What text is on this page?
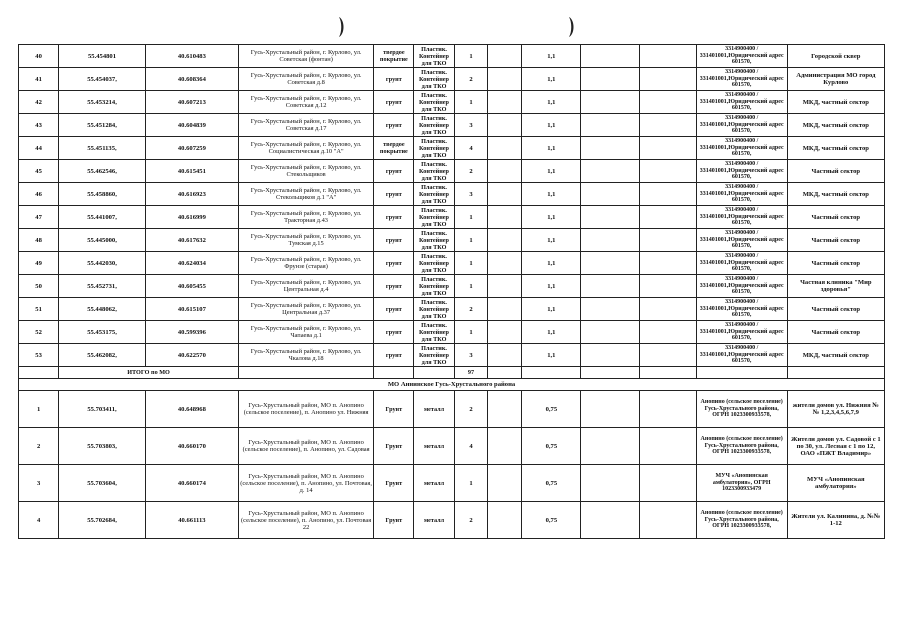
40	55.454801	40.610483	Гусь-Хрустальный район, г. Курлово, ул. Советская (фонтан)	твердое покрытие	Пластик. Контейнер для ТКО	1		1,1			3314900400 / 331401001,Юридический адрес 601570,	Городской сквер
41	55.454037,	40.608364	Гусь-Хрустальный район, г. Курлово, ул. Советская д.8	грунт	Пластик. Контейнер для ТКО	2		1,1			3314900400 / 331401001,Юридический адрес 601570,	Администрация МО город Курлово
42	55.453214,	40.607213	Гусь-Хрустальный район, г. Курлово, ул. Советская д.12	грунт	Пластик. Контейнер для ТКО	1		1,1			3314900400 / 331401001,Юридический адрес 601570,	МКД, частный сектор
43	55.451284,	40.604839	Гусь-Хрустальный район, г. Курлово, ул. Советская д.17	грунт	Пластик. Контейнер для ТКО	3		1,1			3314900400 / 331401001,Юридический адрес 601570,	МКД, частный сектор
44	55.451135,	40.607259	Гусь-Хрустальный район, г. Курлово, ул. Социалистическая д.10 "А"	твердое покрытие	Пластик. Контейнер для ТКО	4		1,1			3314900400 / 331401001,Юридический адрес 601570,	МКД, частный сектор
45	55.462546,	40.615451	Гусь-Хрустальный район, г. Курлово, ул. Стекольщиков	грунт	Пластик. Контейнер для ТКО	2		1,1			3314900400 / 331401001,Юридический адрес 601570,	Частный сектор
46	55.458860,	40.616923	Гусь-Хрустальный район, г. Курлово, ул. Стекольщиков д.1 "А"	грунт	Пластик. Контейнер для ТКО	3		1,1			3314900400 / 331401001,Юридический адрес 601570,	МКД, частный сектор
47	55.441007,	40.616999	Гусь-Хрустальный район, г. Курлово, ул. Тракторная д.43	грунт	Пластик. Контейнер для ТКО	1		1,1			3314900400 / 331401001,Юридический адрес 601570,	Частный сектор
48	55.445000,	40.617632	Гусь-Хрустальный район, г. Курлово, ул. Тумская д.15	грунт	Пластик. Контейнер для ТКО	1		1,1			3314900400 / 331401001,Юридический адрес 601570,	Частный сектор
49	55.442030,	40.624034	Гусь-Хрустальный район, г. Курлово, ул. Фрунзе (старая)	грунт	Пластик. Контейнер для ТКО	1		1,1			3314900400 / 331401001,Юридический адрес 601570,	Частный сектор
50	55.452731,	40.605455	Гусь-Хрустальный район, г. Курлово, ул. Центральная д.4	грунт	Пластик. Контейнер для ТКО	1		1,1			3314900400 / 331401001,Юридический адрес 601570,	Частная клиника "Мир здоровья"
51	55.448062,	40.615107	Гусь-Хрустальный район, г. Курлово, ул. Центральная д.37	грунт	Пластик. Контейнер для ТКО	2		1,1			3314900400 / 331401001,Юридический адрес 601570,	Частный сектор
52	55.453175,	40.599396	Гусь-Хрустальный район, г. Курлово, ул. Чапаева д.1	грунт	Пластик. Контейнер для ТКО	1		1,1			3314900400 / 331401001,Юридический адрес 601570,	Частный сектор
53	55.462082,	40.622570	Гусь-Хрустальный район, г. Курлово, ул. Чкалова д.18	грунт	Пластик. Контейнер для ТКО	3		1,1			3314900400 / 331401001,Юридический адрес 601570,	МКД, частный сектор
	ИТОГО по МО					97						
МО Аннинское Гусь-Хрустального района												
1	55.703411,	40.648968	Гусь-Хрустальный район, МО п. Анопино (сельское поселение), п. Анопино ул. Нижняя	Грунт	металл	2		0,75			Анопино (сельское поселение) Гусь-Хрустального района, ОГРН 1023300933578,	жители домов ул. Нижняя № № 1,2,3,4,5,6,7,9
2	55.703803,	40.660170	Гусь-Хрустальный район, МО п. Анопино (сельское поселение), п. Анопино, ул. Садовая	Грунт	металл	4		0,75			Анопино (сельское поселение) Гусь-Хрустального района, ОГРН 1023300933578,	Жители домов ул. Садовой с 1 по 30, ул. Лесная с 1 по 12, ОАО «ПЖТ Владимир»
3	55.703604,	40.660174	Гусь-Хрустальный район, МО п. Анопино (сельское поселение), п. Анопино, ул. Почтовая, д. 14	Грунт	металл	1		0,75			МУЧ «Анопинская амбулатория», ОГРН 1023300933479	МУЧ «Анопинская амбулатория»
4	55.702684,	40.661113	Гусь-Хрустальный район, МО п. Анопино (сельское поселение), п. Анопино, ул. Почтовая 22	Грунт	металл	2		0,75			Анопино (сельское поселение) Гусь-Хрустального района, ОГРН 1023300933578,	Жители ул. Калинина, д. №№ 1-12
